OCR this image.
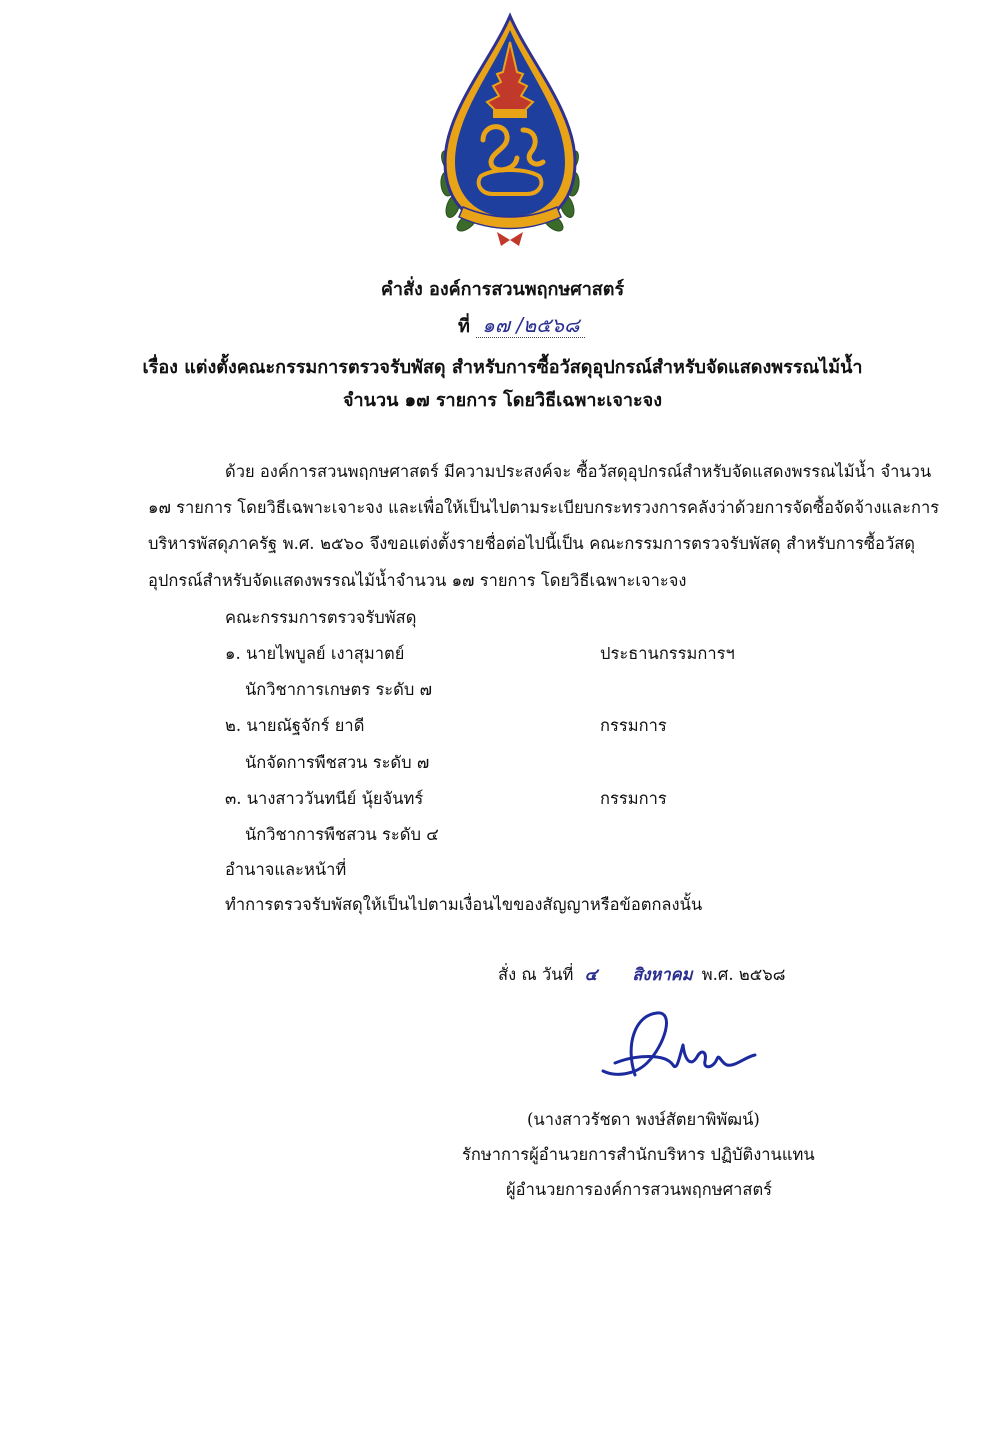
คำสั่ง องค์การสวนพฤกษศาสตร์
ที่ ๑๗ /๒๕๖๘
เรื่อง แต่งตั้งคณะกรรมการตรวจรับพัสดุ สำหรับการซื้อวัสดุอุปกรณ์สำหรับจัดแสดงพรรณไม้น้ำ
จำนวน ๑๗ รายการ โดยวิธีเฉพาะเจาะจง
ด้วย องค์การสวนพฤกษศาสตร์ มีความประสงค์จะ ซื้อวัสดุอุปกรณ์สำหรับจัดแสดงพรรณไม้น้ำ จำนวน
๑๗ รายการ โดยวิธีเฉพาะเจาะจง และเพื่อให้เป็นไปตามระเบียบกระทรวงการคลังว่าด้วยการจัดซื้อจัดจ้างและการ
บริหารพัสดุภาครัฐ พ.ศ. ๒๕๖๐ จึงขอแต่งตั้งรายชื่อต่อไปนี้เป็น คณะกรรมการตรวจรับพัสดุ สำหรับการซื้อวัสดุ
อุปกรณ์สำหรับจัดแสดงพรรณไม้น้ำจำนวน ๑๗ รายการ โดยวิธีเฉพาะเจาะจง
คณะกรรมการตรวจรับพัสดุ
๑. นายไพบูลย์ เงาสุมาตย์	ประธานกรรมการฯ
นักวิชาการเกษตร ระดับ ๗
๒. นายณัฐจักร์ ยาดี	กรรมการ
นักจัดการพืชสวน ระดับ ๗
๓. นางสาววันทนีย์ นุ้ยจันทร์	กรรมการ
นักวิชาการพืชสวน ระดับ ๔
อำนาจและหน้าที่
ทำการตรวจรับพัสดุให้เป็นไปตามเงื่อนไขของสัญญาหรือข้อตกลงนั้น
สั่ง ณ วันที่ ๔ สิงหาคม พ.ศ. ๒๕๖๘
(นางสาวรัชดา พงษ์สัตยาพิพัฒน์)
รักษาการผู้อำนวยการสำนักบริหาร ปฏิบัติงานแทน
ผู้อำนวยการองค์การสวนพฤกษศาสตร์
